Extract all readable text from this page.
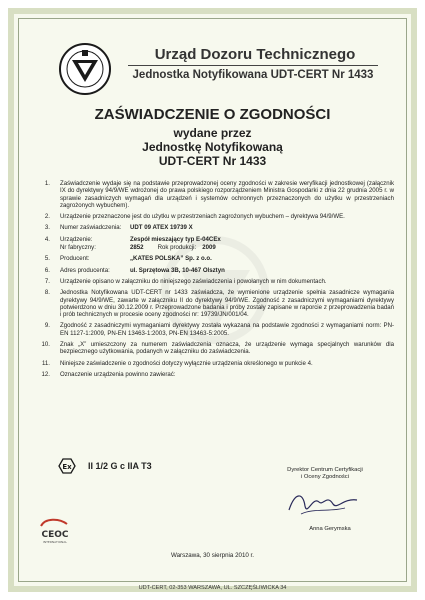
Urząd Dozoru Technicznego
Jednostka Notyfikowana UDT-CERT Nr 1433
ZAŚWIADCZENIE O ZGODNOŚCI
wydane przez
Jednostkę Notyfikowaną
UDT-CERT Nr 1433
1. Zaświadczenie wydaje się na podstawie przeprowadzonej oceny zgodności w zakresie weryfikacji jednostkowej (załącznik IX do dyrektywy 94/9/WE wdrożonej do prawa polskiego rozporządzeniem Ministra Gospodarki z dnia 22 grudnia 2005 r. w sprawie zasadniczych wymagań dla urządzeń i systemów ochronnych przeznaczonych do użytku w przestrzeniach zagrożonych wybuchem).
2. Urządzenie przeznaczone jest do użytku w przestrzeniach zagrożonych wybuchem – dyrektywa 94/9/WE.
3. Numer zaświadczenia:	UDT 09 ATEX 19739 X
4. Urządzenie:	Zespół mieszający typ E-04CEx
Nr fabryczny:	2852 Rok produkcji: 2009
5. Producent:	„KATES POLSKA” Sp. z o.o.
6. Adres producenta:	ul. Sprzętowa 3B, 10-467 Olsztyn
7. Urządzenie opisano w załączniku do niniejszego zaświadczenia i powołanych w nim dokumentach.
8. Jednostka Notyfikowana UDT-CERT nr 1433 zaświadcza, że wymienione urządzenie spełnia zasadnicze wymagania dyrektywy 94/9/WE, zawarte w załączniku II do dyrektywy 94/9/WE. Zgodność z zasadniczymi wymaganiami dyrektywy potwierdzono w dniu 30.12.2009 r. Przeprowadzone badania i próby zostały zapisane w raporcie z przeprowadzenia badań i prób technicznych w procesie oceny zgodności nr: 19739/JN/001/04.
9. Zgodność z zasadniczymi wymaganiami dyrektywy została wykazana na podstawie zgodności z wymaganiami norm: PN-EN 1127-1:2009, PN-EN 13463-1:2003, PN-EN 13463-5:2005.
10. Znak „X” umieszczony za numerem zaświadczenia oznacza, że urządzenie wymaga specjalnych warunków dla bezpiecznego użytkowania, podanych w załączniku do zaświadczenia.
11. Niniejsze zaświadczenie o zgodności dotyczy wyłącznie urządzenia określonego w punkcie 4.
12. Oznaczenie urządzenia powinno zawierać:
Ex II 1/2 G c IIA T3	Dyrektor Centrum Certyfikacji
i Oceny Zgodności
Anna Gerymska
CEOC
INTERNATIONAL
Warszawa, 30 sierpnia 2010 r.
UDT-CERT, 02-353 WARSZAWA, UL. SZCZĘŚLIWICKA 34
